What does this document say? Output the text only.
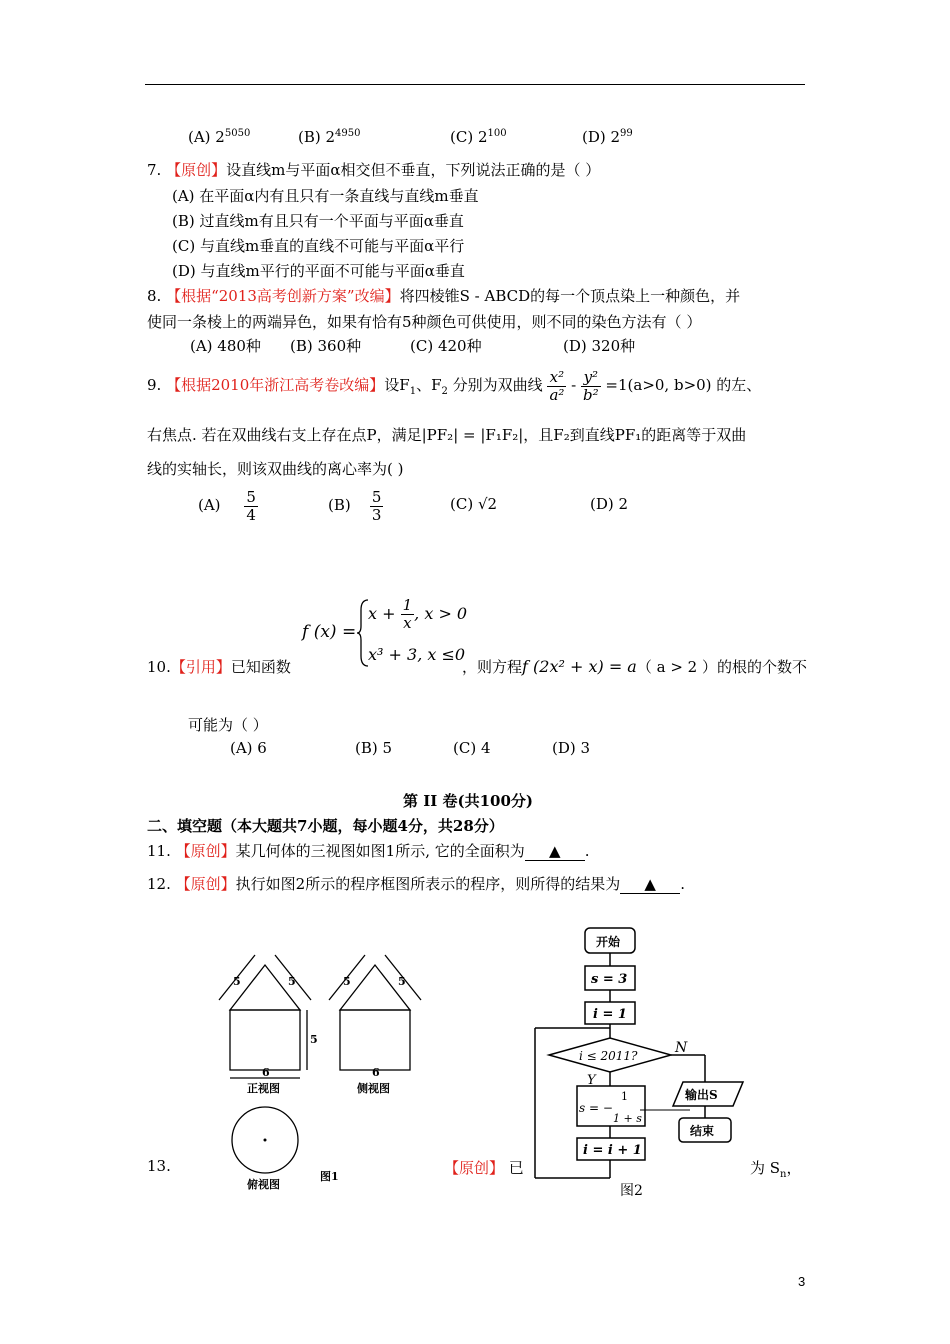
(A) $2^{5050}$	(B) $2^{4950}$	(C) $2^{100}$	(D) $2^{99}$
7. 【原创】设直线m与平面α相交但不垂直，下列说法正确的是（ ）
(A) 在平面α内有且只有一条直线与直线m垂直
(B) 过直线m有且只有一个平面与平面α垂直
(C) 与直线m垂直的直线不可能与平面α平行
(D) 与直线m平行的平面不可能与平面α垂直
8. 【根据“2013高考创新方案”改编】将四棱锥S - ABCD的每一个顶点染上一种颜色，并
使同一条棱上的两端异色，如果有恰有5种颜色可供使用，则不同的染色方法有（ ）
(A) 480种 (B) 360种	(C) 420种	(D) 320种
9. 【根据2010年浙江高考卷改编】设$F_1$、$F_2$ 分别为双曲线 $\frac{\text{x²}}{\text{a²}} - \frac{\text{y²}}{\text{b²}} =1(a>0$, b>0) 的左、
右焦点. 若在双曲线右支上存在点P，满足|PF₂| = |F₁F₂|，且F₂到直线PF₁的距离等于双曲
线的实轴长，则该双曲线的离心率为( )
$(A) \frac{5}{4}$	$(B) \frac{5}{3}$	(C) √2	(D) 2
f (x) =
$x + \frac{1}{x}$ , x > 0
x³ + 3, x ≤0
10.【引用】已知函数	，则方程f (2x² + x) = a（ a > 2 ）的根的个数不
可能为（ ）
(A) 6	(B) 5	(C) 4	(D) 3
第 II 卷(共100分)
二、填空题（本大题共7小题，每小题4分，共28分）
11. 【原创】某几何体的三视图如图1所示, 它的全面积为 ▲ .
12. 【原创】执行如图2所示的程序框图所表示的程序，则所得的结果为 ▲ .
5	5
5
6
5	5
6
正视图	侧视图
俯视图
图1
开始
s = 3
i = 1
i ≤ 2011?
Y
N
s = −
1
1 + s
i = i + 1
输出S
结束
图2
13.	【原创】 已	为 $S_n$，
3
